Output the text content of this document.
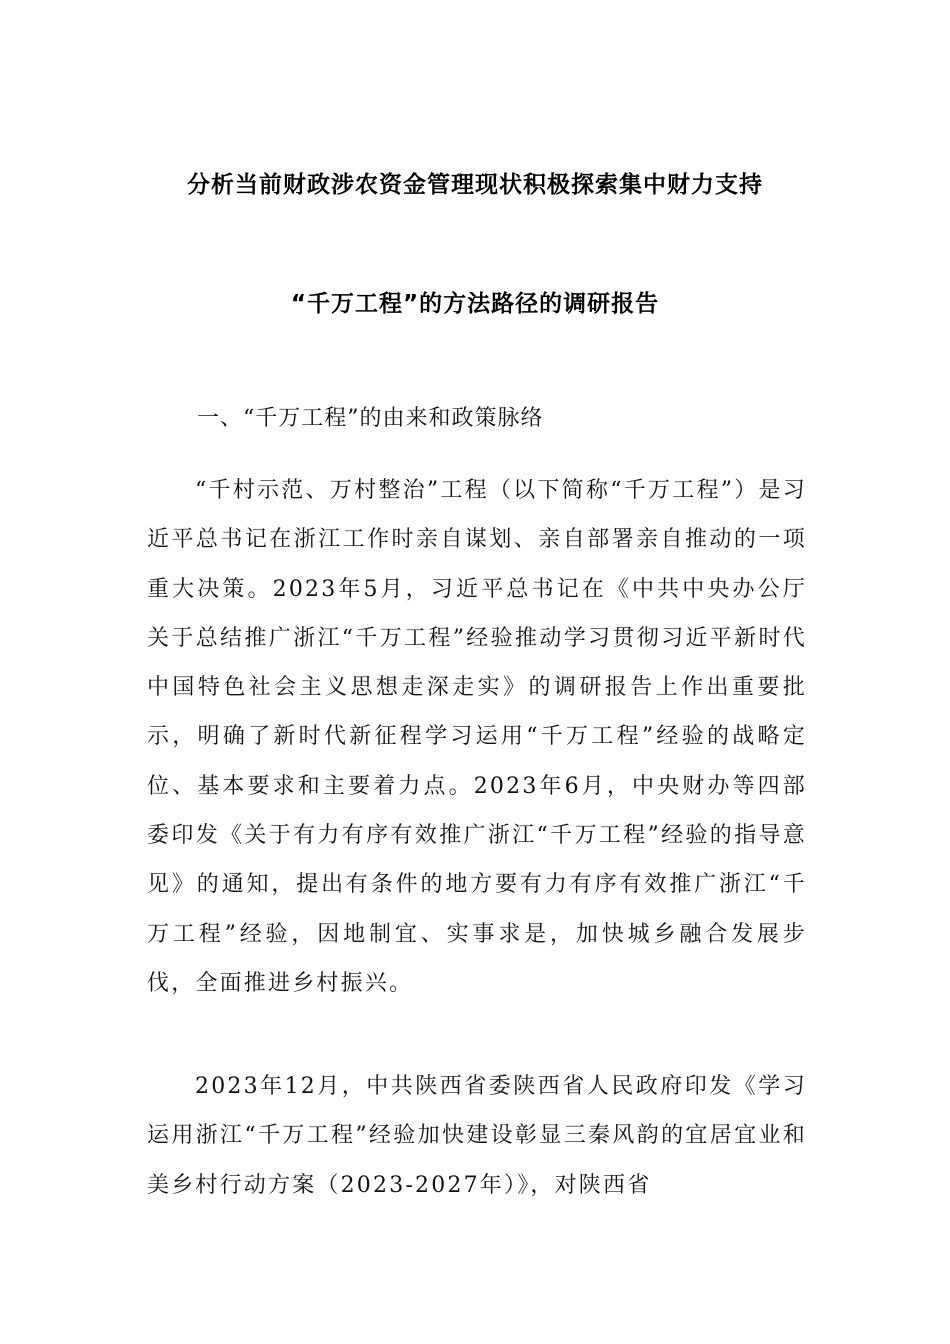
分析当前财政涉农资金管理现状积极探索集中财力支持
“千万工程”的方法路径的调研报告
一、“千万工程”的由来和政策脉络

“千村示范、万村整治”工程（以下简称“千万工程”）是习近平总书记在浙江工作时亲自谋划、亲自部署亲自推动的一项重大决策。2023年5月，习近平总书记在《中共中央办公厅关于总结推广浙江“千万工程”经验推动学习贯彻习近平新时代中国特色社会主义思想走深走实》的调研报告上作出重要批示，明确了新时代新征程学习运用“千万工程”经验的战略定位、基本要求和主要着力点。2023年6月，中央财办等四部委印发《关于有力有序有效推广浙江“千万工程”经验的指导意见》的通知，提出有条件的地方要有力有序有效推广浙江“千万工程”经验，因地制宜、实事求是，加快城乡融合发展步伐，全面推进乡村振兴。

2023年12月，中共陕西省委陕西省人民政府印发《学习运用浙江“千万工程”经验加快建设彰显三秦风韵的宜居宜业和美乡村行动方案（2023-2027年）》，对陕西省
